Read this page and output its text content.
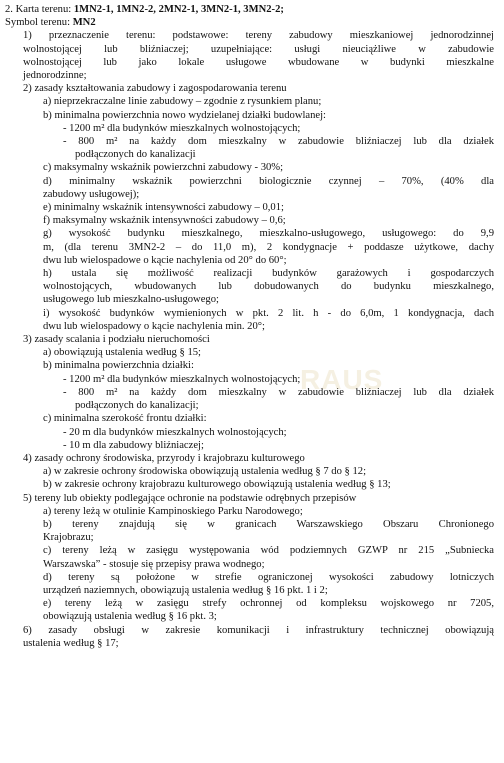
2. Karta terenu: 1MN2-1, 1MN2-2, 2MN2-1, 3MN2-1, 3MN2-2;
Symbol terenu: MN2
1) przeznaczenie terenu: podstawowe: tereny zabudowy mieszkaniowej jednorodzinnej
wolnostojącej lub bliźniaczej; uzupełniające: usługi nieuciążliwe w zabudowie
wolnostojącej lub jako lokale usługowe wbudowane w budynki mieszkalne
jednorodzinne;
2) zasady kształtowania zabudowy i zagospodarowania terenu
a) nieprzekraczalne linie zabudowy – zgodnie z rysunkiem planu;
b) minimalna powierzchnia nowo wydzielanej działki budowlanej:
- 1200 m² dla budynków mieszkalnych wolnostojących;
- 800 m² na każdy dom mieszkalny w zabudowie bliźniaczej lub dla działek
podłączonych do kanalizacji
c) maksymalny wskaźnik powierzchni zabudowy - 30%;
d) minimalny wskaźnik powierzchni biologicznie czynnej – 70%, (40% dla
zabudowy usługowej);
e) minimalny wskaźnik intensywności zabudowy – 0,01;
f) maksymalny wskaźnik intensywności zabudowy – 0,6;
g) wysokość budynku mieszkalnego, mieszkalno-usługowego, usługowego: do 9,9
m, (dla terenu 3MN2-2 – do 11,0 m), 2 kondygnacje + poddasze użytkowe, dachy
dwu lub wielospadowe o kącie nachylenia od 20° do 60°;
h) ustala się możliwość realizacji budynków garażowych i gospodarczych
wolnostojących, wbudowanych lub dobudowanych do budynku mieszkalnego,
usługowego lub mieszkalno-usługowego;
i) wysokość budynków wymienionych w pkt. 2 lit. h - do 6,0m, 1 kondygnacja, dach
dwu lub wielospadowy o kącie nachylenia min. 20°;
3) zasady scalania i podziału nieruchomości
a) obowiązują ustalenia według § 15;
b) minimalna powierzchnia działki:
- 1200 m² dla budynków mieszkalnych wolnostojących;
- 800 m² na każdy dom mieszkalny w zabudowie bliźniaczej lub dla działek
podłączonych do kanalizacji;
c) minimalna szerokość frontu działki:
- 20 m dla budynków mieszkalnych wolnostojących;
- 10 m dla zabudowy bliźniaczej;
4) zasady ochrony środowiska, przyrody i krajobrazu kulturowego
a) w zakresie ochrony środowiska obowiązują ustalenia według § 7 do § 12;
b) w zakresie ochrony krajobrazu kulturowego obowiązują ustalenia według § 13;
5) tereny lub obiekty podlegające ochronie na podstawie odrębnych przepisów
a) tereny leżą w otulinie Kampinoskiego Parku Narodowego;
b) tereny znajdują się w granicach Warszawskiego Obszaru Chronionego
Krajobrazu;
c) tereny leżą w zasięgu występowania wód podziemnych GZWP nr 215 „Subniecka
Warszawska” - stosuje się przepisy prawa wodnego;
d) tereny są położone w strefie ograniczonej wysokości zabudowy lotniczych
urządzeń naziemnych, obowiązują ustalenia według § 16 pkt. 1 i 2;
e) tereny leżą w zasięgu strefy ochronnej od kompleksu wojskowego nr 7205,
obowiązują ustalenia według § 16 pkt. 3;
6) zasady obsługi w zakresie komunikacji i infrastruktury technicznej obowiązują
ustalenia według § 17;
RAUS
